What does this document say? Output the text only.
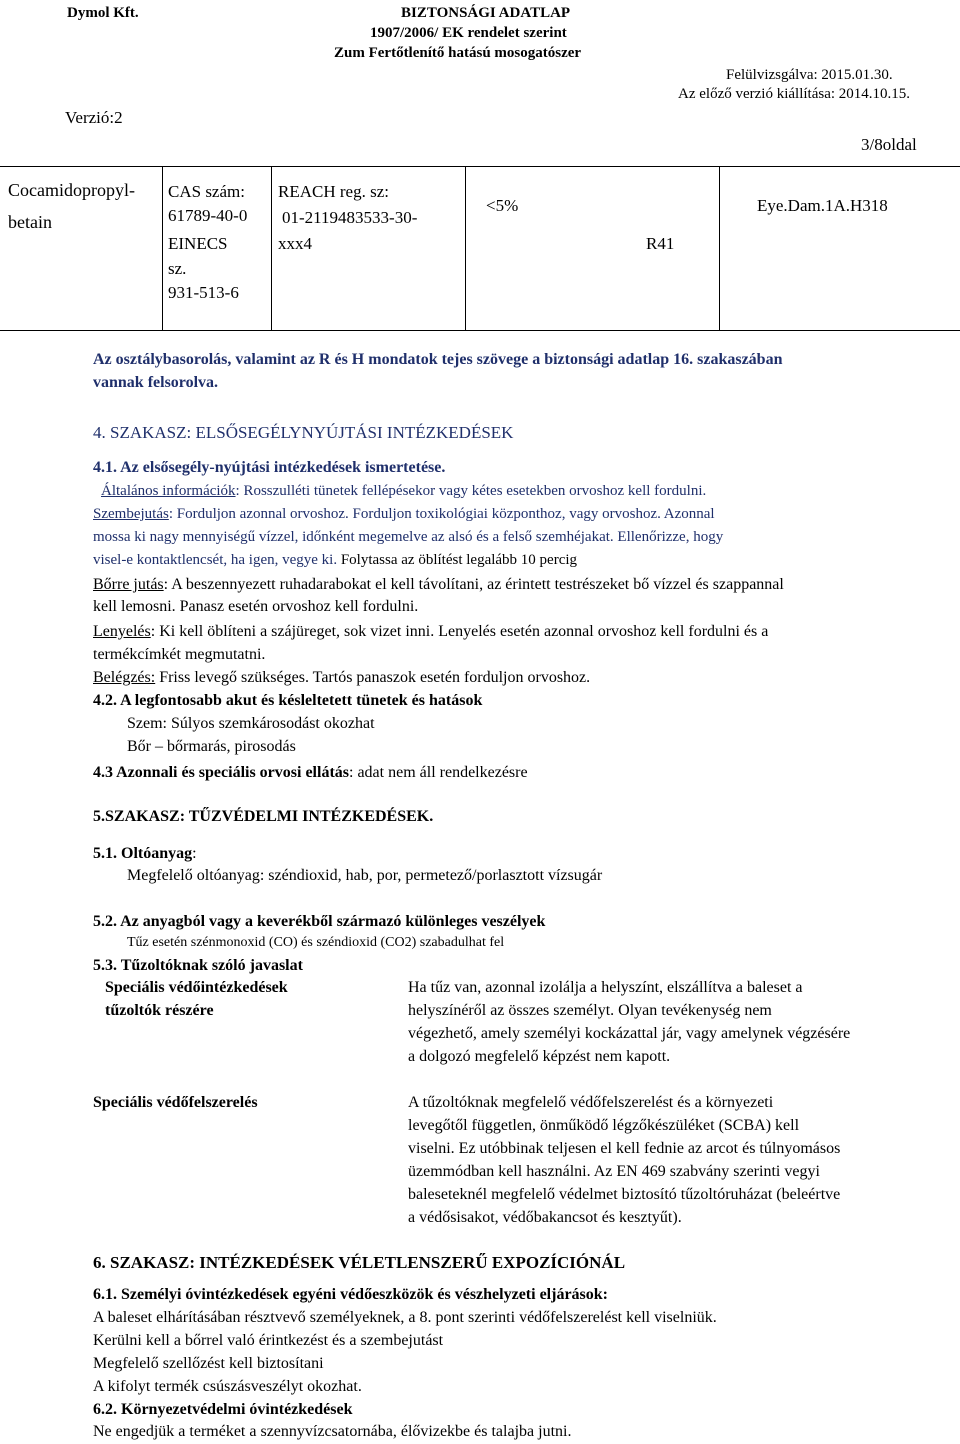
Dymol Kft.	BIZTONSÁGI ADATLAP
1907/2006/ EK rendelet szerint
Zum Fertőtlenítő hatású mosogatószer
Felülvizsgálva: 2015.01.30.
Az előző verzió kiállítása: 2014.10.15.
Verzió:2
3/8oldal
Cocamidopropyl-
betain
CAS szám:
61789-40-0
EINECS
sz.
931-513-6
REACH reg. sz:
01-2119483533-30-
xxx4
<5%
R41
Eye.Dam.1A.H318
Az osztálybasorolás, valamint az R és H mondatok tejes szövege a biztonsági adatlap 16. szakaszában
vannak felsorolva.
4. SZAKASZ: ELSŐSEGÉLYNYÚJTÁSI INTÉZKEDÉSEK
4.1. Az elsősegély-nyújtási intézkedések ismertetése.
Általános információk: Rosszulléti tünetek fellépésekor vagy kétes esetekben orvoshoz kell fordulni.
Szembejutás: Forduljon azonnal orvoshoz. Forduljon toxikológiai központhoz, vagy orvoshoz. Azonnal
mossa ki nagy mennyiségű vízzel, időnként megemelve az alsó és a felső szemhéjakat. Ellenőrizze, hogy
visel-e kontaktlencsét, ha igen, vegye ki. Folytassa az öblítést legalább 10 percig
Bőrre jutás: A beszennyezett ruhadarabokat el kell távolítani, az érintett testrészeket bő vízzel és szappannal
kell lemosni. Panasz esetén orvoshoz kell fordulni.
Lenyelés: Ki kell öblíteni a szájüreget, sok vizet inni. Lenyelés esetén azonnal orvoshoz kell fordulni és a
termékcímkét megmutatni.
Belégzés: Friss levegő szükséges. Tartós panaszok esetén forduljon orvoshoz.
4.2. A legfontosabb akut és késleltetett tünetek és hatások
Szem: Súlyos szemkárosodást okozhat
Bőr – bőrmarás, pirosodás
4.3 Azonnali és speciális orvosi ellátás: adat nem áll rendelkezésre
5.SZAKASZ: TŰZVÉDELMI INTÉZKEDÉSEK.
5.1. Oltóanyag:
Megfelelő oltóanyag: széndioxid, hab, por, permetező/porlasztott vízsugár
5.2. Az anyagból vagy a keverékből származó különleges veszélyek
Tűz esetén szénmonoxid (CO) és széndioxid (CO2) szabadulhat fel
5.3. Tűzoltóknak szóló javaslat
Speciális védőintézkedések
tűzoltók részére
Ha tűz van, azonnal izolálja a helyszínt, elszállítva a baleset a
helyszínéről az összes személyt. Olyan tevékenység nem
végezhető, amely személyi kockázattal jár, vagy amelynek végzésére
a dolgozó megfelelő képzést nem kapott.
Speciális védőfelszerelés	A tűzoltóknak megfelelő védőfelszerelést és a környezeti
levegőtől független, önműködő légzőkészüléket (SCBA) kell
viselni. Ez utóbbinak teljesen el kell fednie az arcot és túlnyomásos
üzemmódban kell használni. Az EN 469 szabvány szerinti vegyi
baleseteknél megfelelő védelmet biztosító tűzoltóruházat (beleértve
a védősisakot, védőbakancsot és kesztyűt).
6. SZAKASZ: INTÉZKEDÉSEK VÉLETLENSZERŰ EXPOZÍCIÓNÁL
6.1. Személyi óvintézkedések egyéni védőeszközök és vészhelyzeti eljárások:
A baleset elhárításában résztvevő személyeknek, a 8. pont szerinti védőfelszerelést kell viselniük.
Kerülni kell a bőrrel való érintkezést és a szembejutást
Megfelelő szellőzést kell biztosítani
A kifolyt termék csúszásveszélyt okozhat.
6.2. Környezetvédelmi óvintézkedések
Ne engedjük a terméket a szennyvízcsatornába, élővizekbe és talajba jutni.
